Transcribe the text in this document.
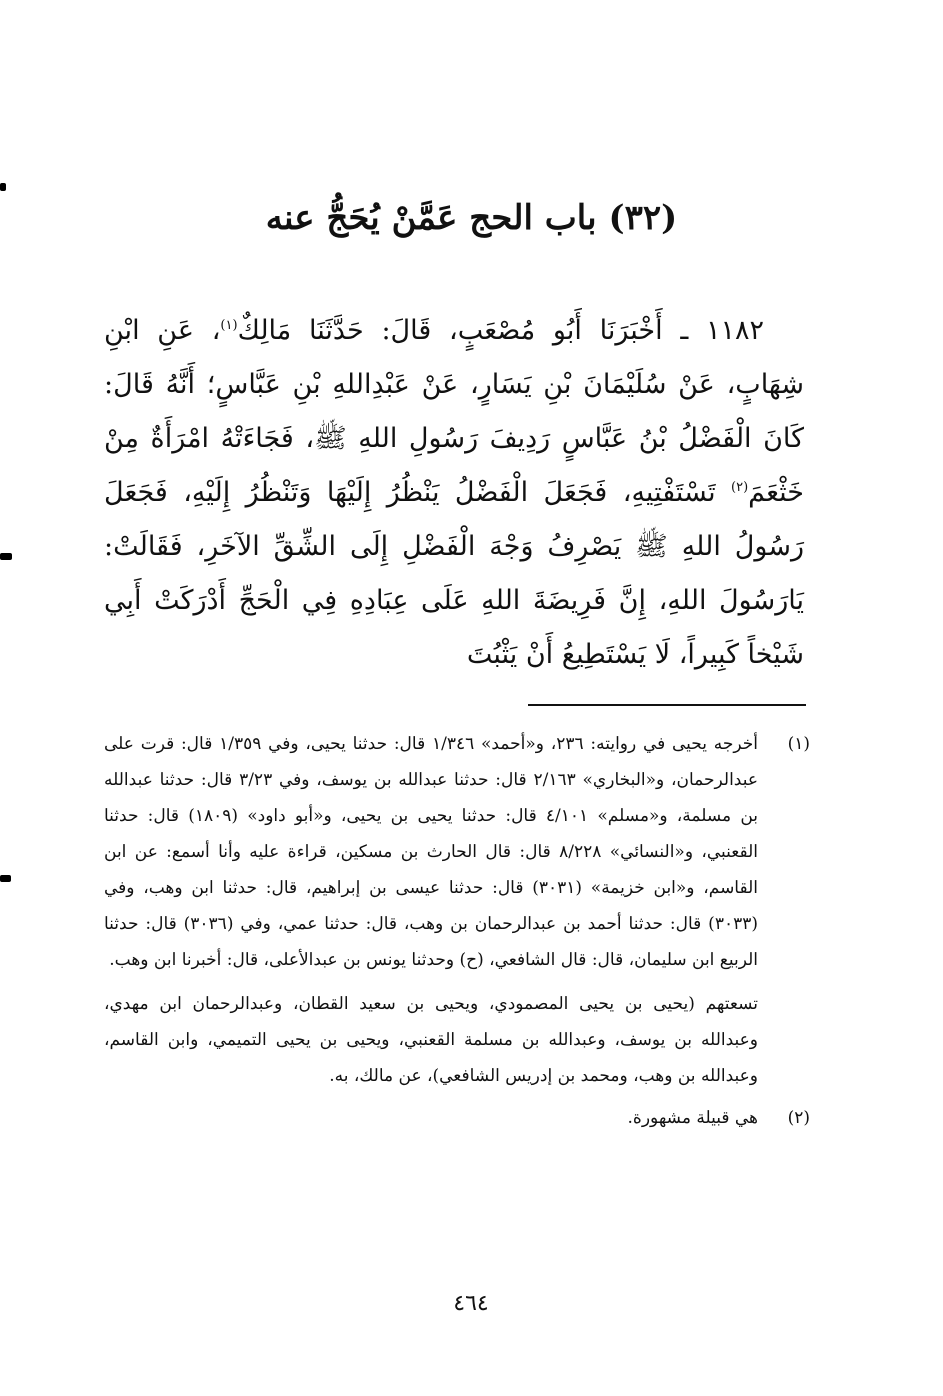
(٣٢) باب الحج عَمَّنْ يُحَجُّ عنه
١١٨٢ ـ أَخْبَرَنَا أَبُو مُصْعَبٍ، قَالَ: حَدَّثَنَا مَالِكٌ$^{(١)}$، عَنِ ابْنِ شِهَابٍ، عَنْ سُلَيْمَانَ بْنِ يَسَارٍ، عَنْ عَبْدِاللهِ بْنِ عَبَّاسٍ؛ أَنَّهُ قَالَ: كَانَ الْفَضْلُ بْنُ عَبَّاسٍ رَدِيفَ رَسُولِ اللهِ ﷺ، فَجَاءَتْهُ امْرَأَةٌ مِنْ خَثْعَمَ$^{(٢)}$ تَسْتَفْتِيهِ، فَجَعَلَ الْفَضْلُ يَنْظُرُ إِلَيْهَا وَتَنْظُرُ إِلَيْهِ، فَجَعَلَ رَسُولُ اللهِ ﷺ يَصْرِفُ وَجْهَ الْفَضْلِ إِلَى الشِّقِّ الآخَرِ، فَقَالَتْ: يَارَسُولَ اللهِ، إِنَّ فَرِيضَةَ اللهِ عَلَى عِبَادِهِ فِي الْحَجِّ أَدْرَكَتْ أَبِي شَيْخاً كَبِيراً، لَا يَسْتَطِيعُ أَنْ يَثْبُتَ
(١)
أخرجه يحيى في روايته: ٢٣٦، و«أحمد» ١/٣٤٦ قال: حدثنا يحيى، وفي ١/٣٥٩ قال: قرت على عبدالرحمان، و«البخاري» ٢/١٦٣ قال: حدثنا عبدالله بن يوسف، وفي ٣/٢٣ قال: حدثنا عبدالله بن مسلمة، و«مسلم» ٤/١٠١ قال: حدثنا يحيى بن يحيى، و«أبو داود» (١٨٠٩) قال: حدثنا القعنبي، و«النسائي» ٨/٢٢٨ قال: قال الحارث بن مسكين، قراءة عليه وأنا أسمع: عن ابن القاسم، و«ابن خزيمة» (٣٠٣١) قال: حدثنا عيسى بن إبراهيم، قال: حدثنا ابن وهب، وفي (٣٠٣٣) قال: حدثنا أحمد بن عبدالرحمان بن وهب، قال: حدثنا عمي، وفي (٣٠٣٦) قال: حدثنا الربيع ابن سليمان، قال: قال الشافعي، (ح) وحدثنا يونس بن عبدالأعلى، قال: أخبرنا ابن وهب.
تسعتهم (يحيى بن يحيى المصمودي، ويحيى بن سعيد القطان، وعبدالرحمان ابن مهدي، وعبدالله بن يوسف، وعبدالله بن مسلمة القعنبي، ويحيى بن يحيى التميمي، وابن القاسم، وعبدالله بن وهب، ومحمد بن إدريس الشافعي)، عن مالك، به.
(٢)
هي قبيلة مشهورة.
٤٦٤
